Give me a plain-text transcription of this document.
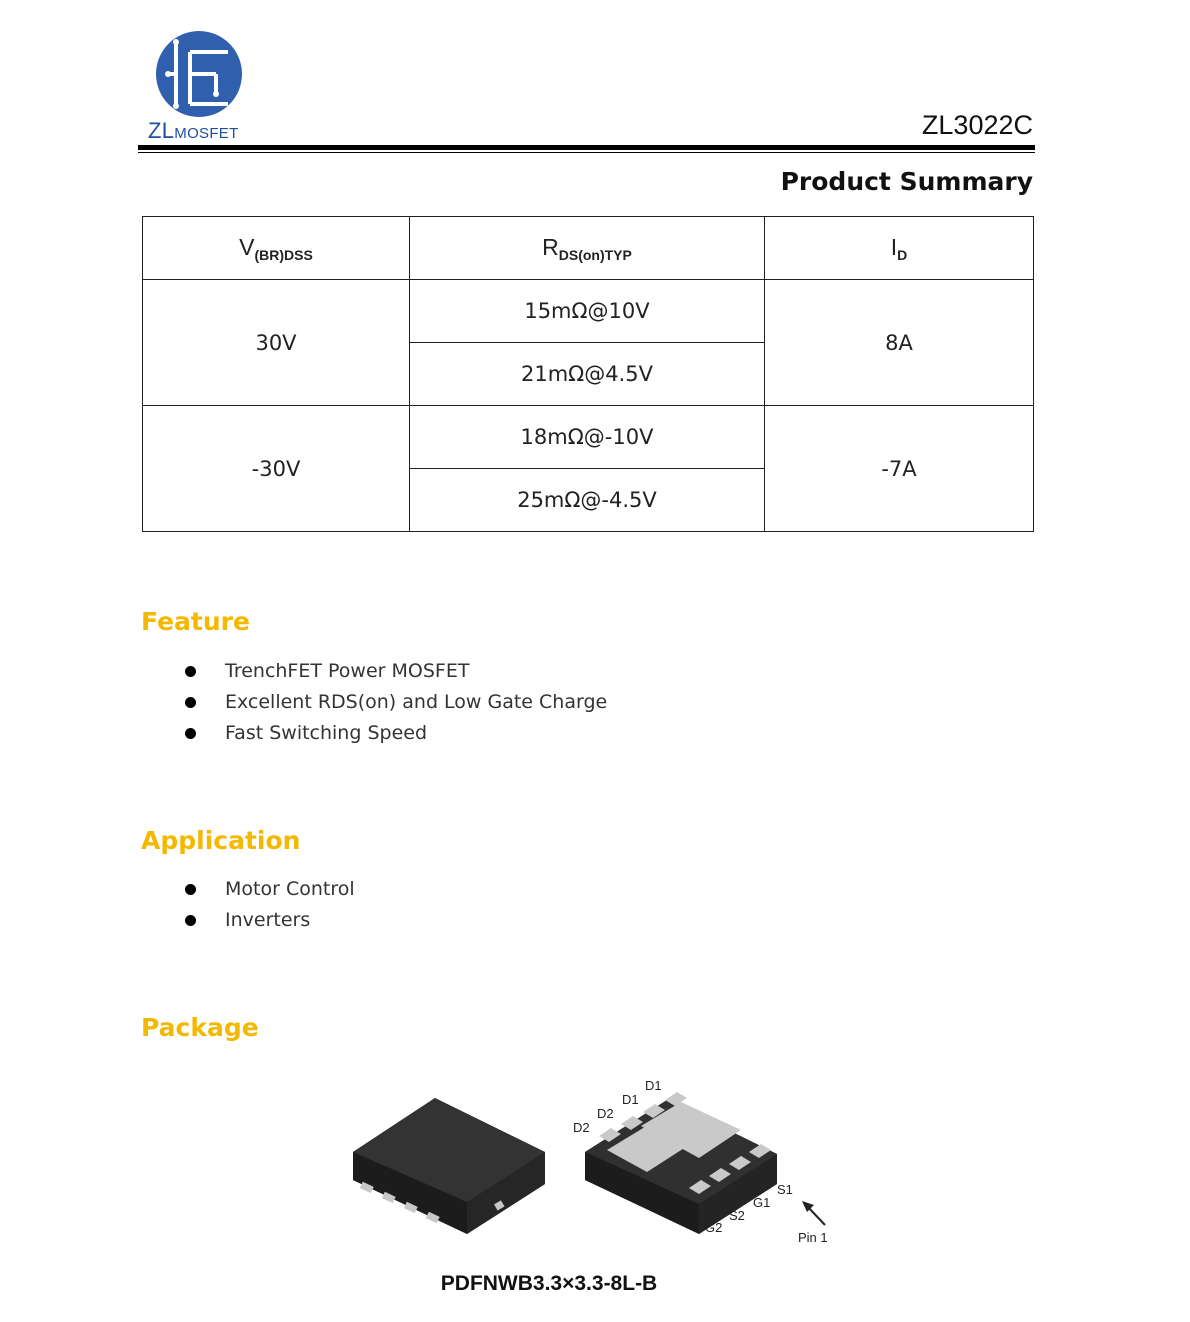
ZLMOSFET	ZL3022C
Product Summary
$V_{(BR)DSS}$	$R_{DS(on)TYP}$	$I_D$
30V	15mΩ@10V	8A
	21mΩ@4.5V	
-30V	18mΩ@-10V	-7A
	25mΩ@-4.5V	
Feature
TrenchFET Power MOSFET
Excellent RDS(on) and Low Gate Charge
Fast Switching Speed
Application
Motor Control
Inverters
Package
D2
D2
D1
D1
G2
S2
G1
S1
Pin 1
PDFNWB3.3×3.3-8L-B
